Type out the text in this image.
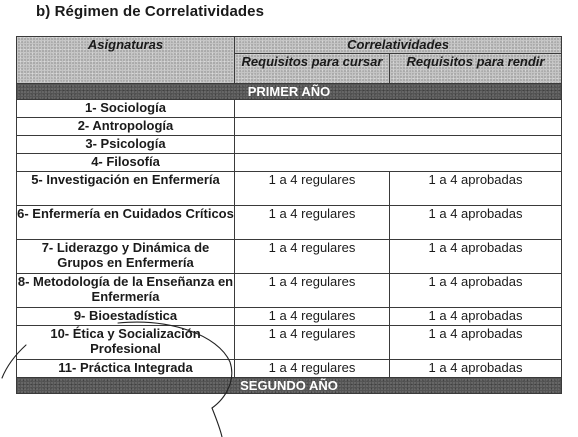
b) Régimen de Correlatividades
Asignaturas	Correlatividades	
	Requisitos para cursar	Requisitos para rendir
PRIMER AÑO		
1- Sociología		
2- Antropología		
3- Psicología		
4- Filosofía		
5- Investigación en Enfermería	1 a 4 regulares	1 a 4 aprobadas
6- Enfermería en Cuidados Críticos	1 a 4 regulares	1 a 4 aprobadas
7- Liderazgo y Dinámica de Grupos en Enfermería	1 a 4 regulares	1 a 4 aprobadas
8- Metodología de la Enseñanza en Enfermería	1 a 4 regulares	1 a 4 aprobadas
9- Bioestadística	1 a 4 regulares	1 a 4 aprobadas
10- Ética y Socialización Profesional	1 a 4 regulares	1 a 4 aprobadas
11- Práctica Integrada	1 a 4 regulares	1 a 4 aprobadas
SEGUNDO AÑO		
